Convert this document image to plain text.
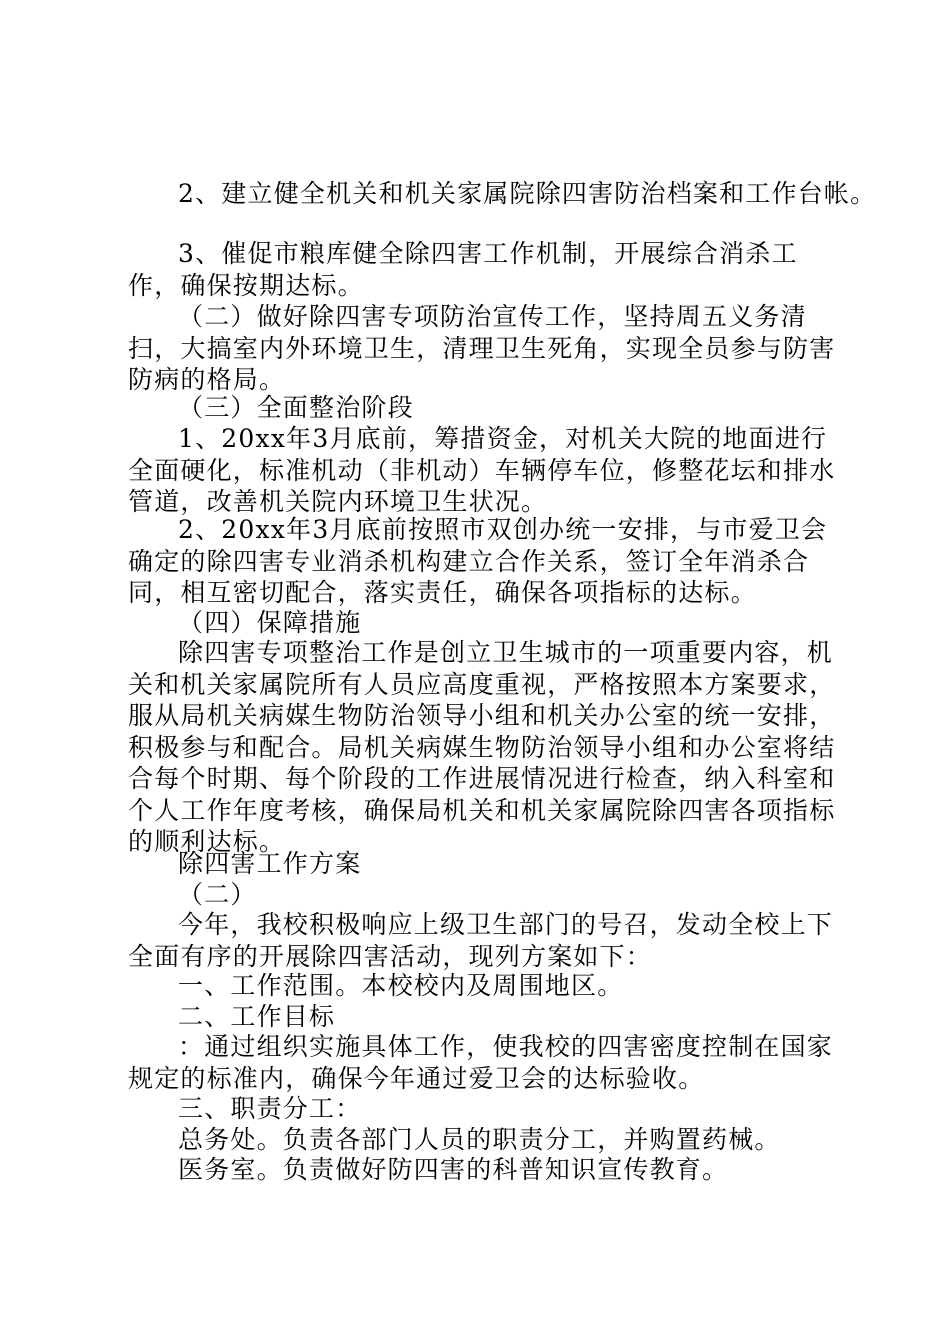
2、建立健全机关和机关家属院除四害防治档案和工作台帐。

3、催促市粮库健全除四害工作机制，开展综合消杀工作，确保按期达标。

（二）做好除四害专项防治宣传工作，坚持周五义务清扫，大搞室内外环境卫生，清理卫生死角，实现全员参与防害防病的格局。

（三）全面整治阶段

1、20xx年3月底前，筹措资金，对机关大院的地面进行全面硬化，标准机动（非机动）车辆停车位，修整花坛和排水管道，改善机关院内环境卫生状况。

2、20xx年3月底前按照市双创办统一安排，与市爱卫会确定的除四害专业消杀机构建立合作关系，签订全年消杀合同，相互密切配合，落实责任，确保各项指标的达标。

（四）保障措施

除四害专项整治工作是创立卫生城市的一项重要内容，机关和机关家属院所有人员应高度重视，严格按照本方案要求，服从局机关病媒生物防治领导小组和机关办公室的统一安排，积极参与和配合。局机关病媒生物防治领导小组和办公室将结合每个时期、每个阶段的工作进展情况进行检查，纳入科室和个人工作年度考核，确保局机关和机关家属院除四害各项指标的顺利达标。

除四害工作方案

（二）

今年，我校积极响应上级卫生部门的号召，发动全校上下全面有序的开展除四害活动，现列方案如下：

一、工作范围。本校校内及周围地区。

二、工作目标

：通过组织实施具体工作，使我校的四害密度控制在国家规定的标准内，确保今年通过爱卫会的达标验收。

三、职责分工：

总务处。负责各部门人员的职责分工，并购置药械。

医务室。负责做好防四害的科普知识宣传教育。
